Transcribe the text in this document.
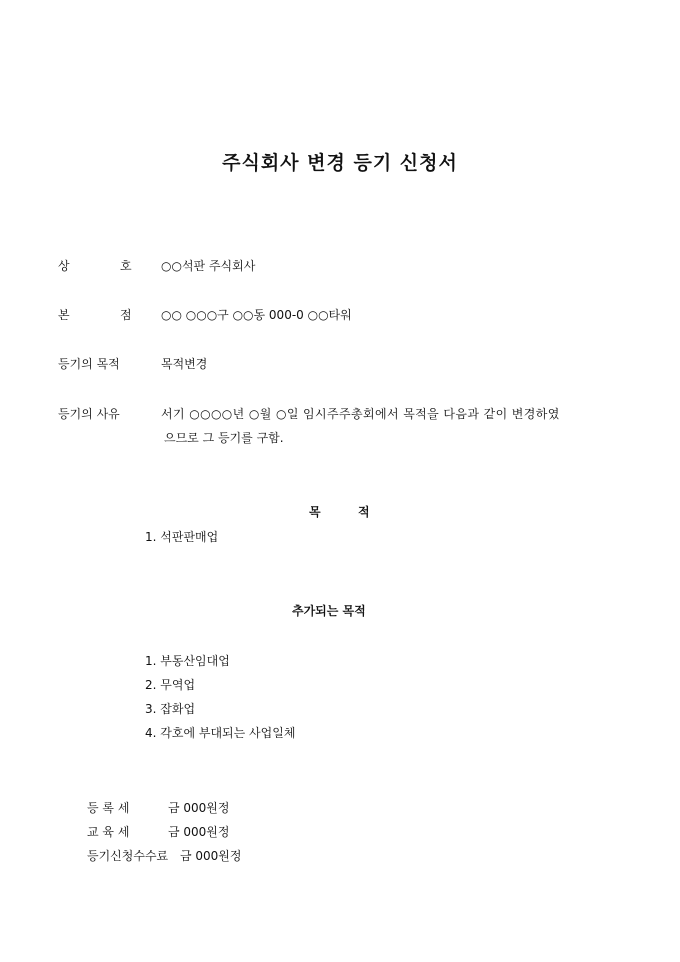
주식회사 변경 등기 신청서
상	호 ○○석판 주식회사
본	점 ○○ ○○○구 ○○동 000-0 ○○타워
등기의 목적	목적변경
등기의 사유	서기 ○○○○년 ○월 ○일 임시주주총회에서 목적을 다음과 같이 변경하였
으므로 그 등기를 구함.
목	적
1. 석판판매업
추가되는 목적
1. 부동산임대업
2. 무역업
3. 잡화업
4. 각호에 부대되는 사업일체
등 록 세	금 000원정
교 육 세	금 000원정
등기신청수수료 금 000원정
